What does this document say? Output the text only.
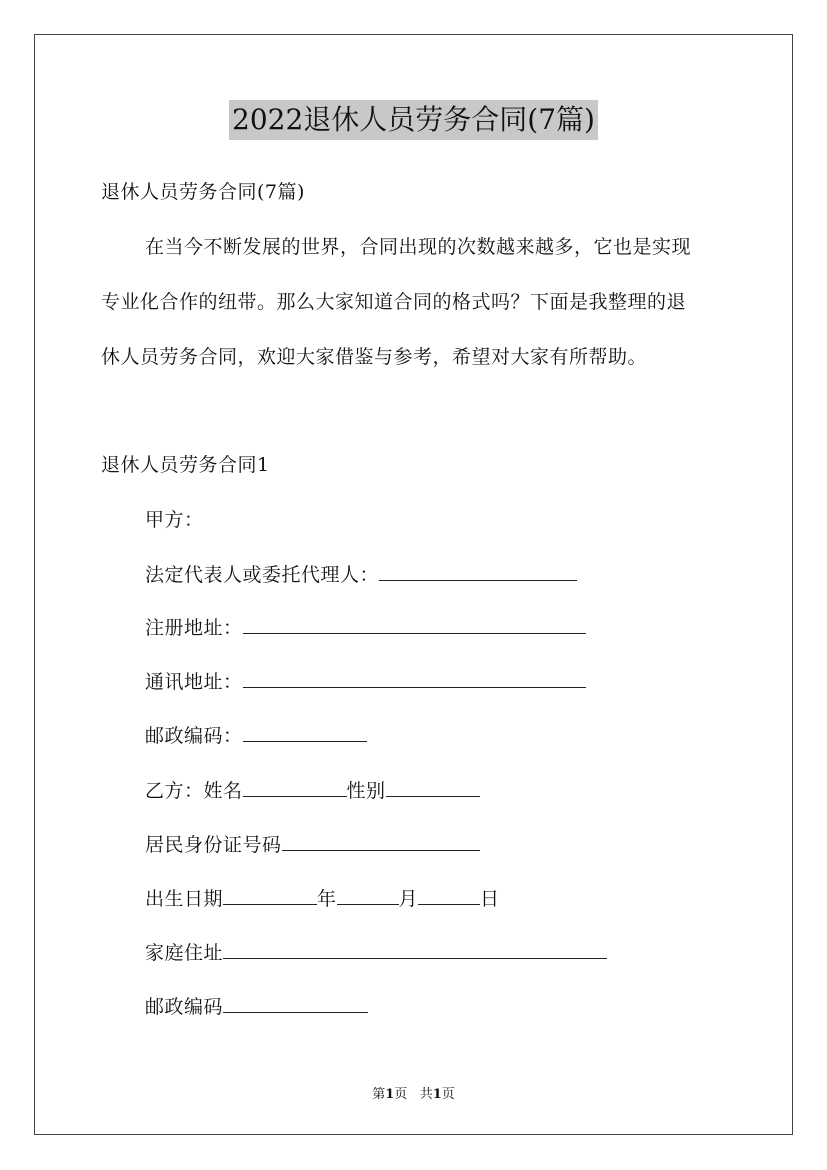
2022退休人员劳务合同(7篇)
退休人员劳务合同(7篇)
在当今不断发展的世界，合同出现的次数越来越多，它也是实现
专业化合作的纽带。那么大家知道合同的格式吗？下面是我整理的退
休人员劳务合同，欢迎大家借鉴与参考，希望对大家有所帮助。
退休人员劳务合同1
甲方：
法定代表人或委托代理人：
注册地址：
通讯地址：
邮政编码：
乙方：姓名	性别
居民身份证号码
出生日期	年	月	日
家庭住址
邮政编码
第1页 共1页
